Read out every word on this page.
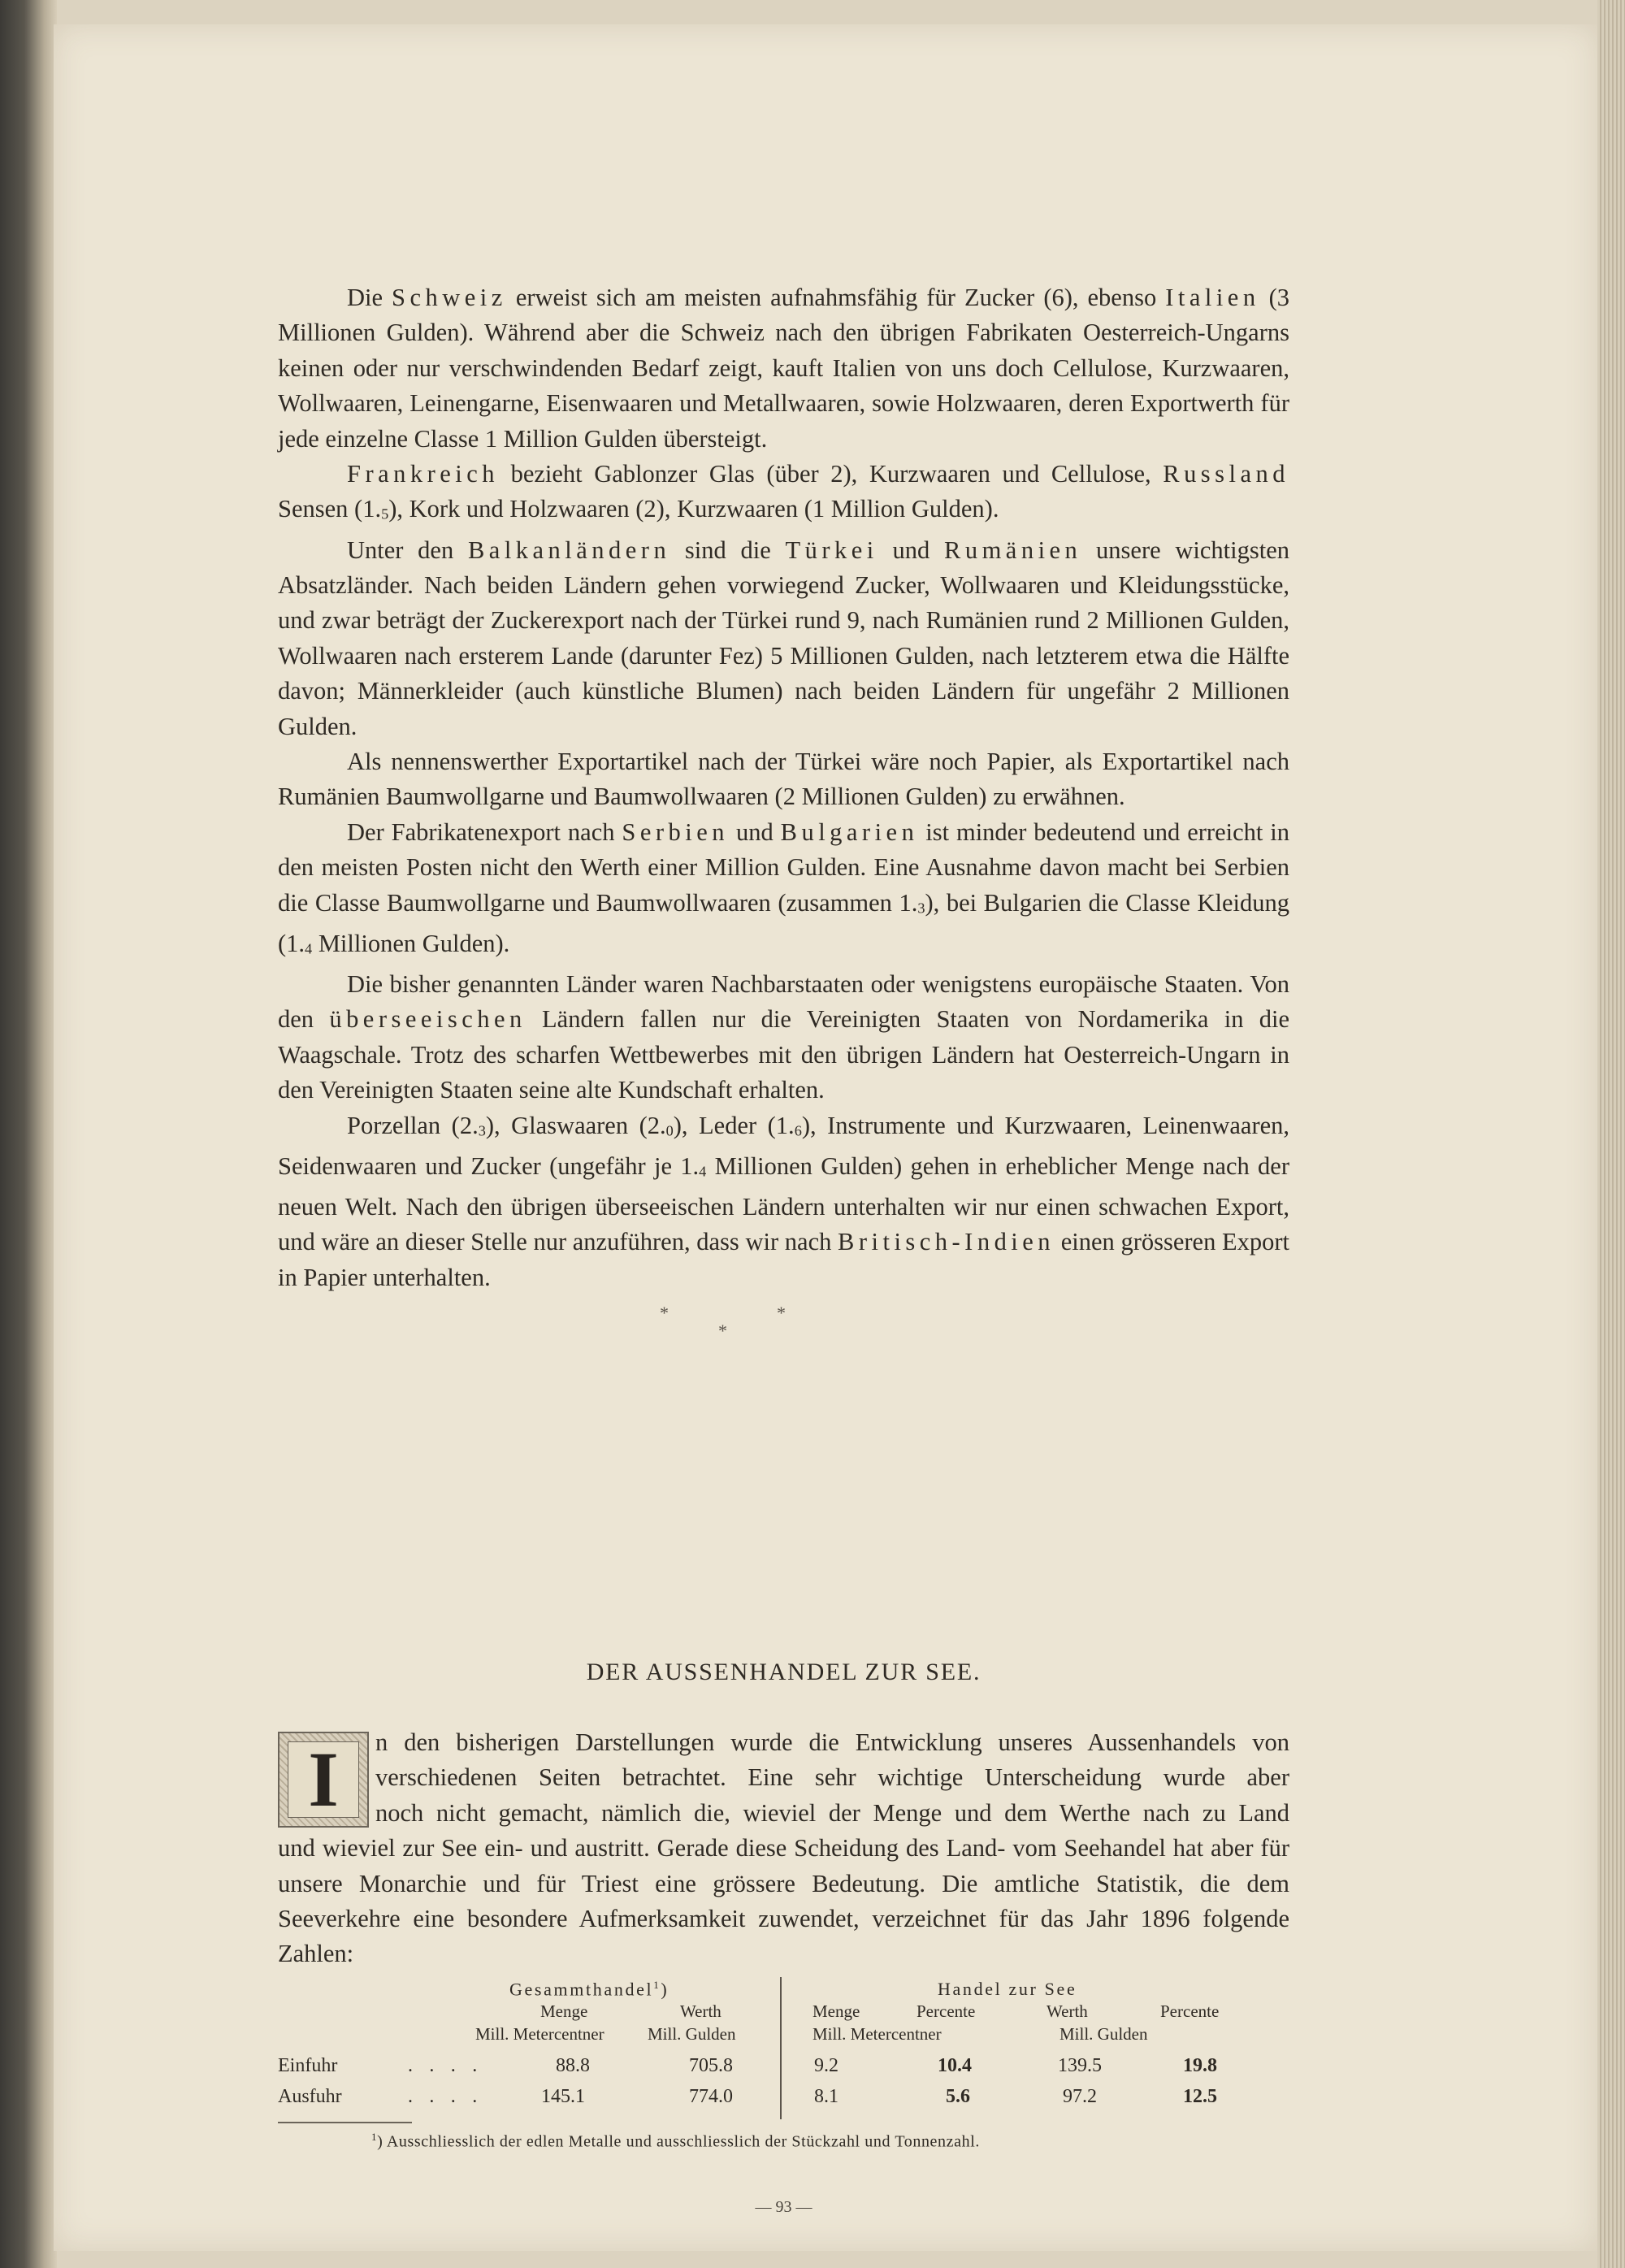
Die Schweiz erweist sich am meisten aufnahmsfähig für Zucker (6), ebenso Italien (3 Millionen Gulden). Während aber die Schweiz nach den übrigen Fabrikaten Oesterreich-Ungarns keinen oder nur verschwindenden Bedarf zeigt, kauft Italien von uns doch Cellulose, Kurzwaaren, Wollwaaren, Leinengarne, Eisenwaaren und Metallwaaren, sowie Holzwaaren, deren Exportwerth für jede einzelne Classe 1 Million Gulden übersteigt.

Frankreich bezieht Gablonzer Glas (über 2), Kurzwaaren und Cellulose, Russland Sensen $(1._5)$, Kork und Holzwaaren (2), Kurzwaaren (1 Million Gulden).

Unter den Balkanländern sind die Türkei und Rumänien unsere wichtigsten Absatzländer. Nach beiden Ländern gehen vorwiegend Zucker, Wollwaaren und Kleidungsstücke, und zwar beträgt der Zuckerexport nach der Türkei rund 9, nach Rumänien rund 2 Millionen Gulden, Wollwaaren nach ersterem Lande (darunter Fez) 5 Millionen Gulden, nach letzterem etwa die Hälfte davon; Männerkleider (auch künstliche Blumen) nach beiden Ländern für ungefähr 2 Millionen Gulden.

Als nennenswerther Exportartikel nach der Türkei wäre noch Papier, als Exportartikel nach Rumänien Baumwollgarne und Baumwollwaaren (2 Millionen Gulden) zu erwähnen.

Der Fabrikatenexport nach Serbien und Bulgarien ist minder bedeutend und erreicht in den meisten Posten nicht den Werth einer Million Gulden. Eine Ausnahme davon macht bei Serbien die Classe Baumwollgarne und Baumwollwaaren (zusammen $1._3$), bei Bulgarien die Classe Kleidung ($1._4$ Millionen Gulden).

Die bisher genannten Länder waren Nachbarstaaten oder wenigstens europäische Staaten. Von den überseeischen Ländern fallen nur die Vereinigten Staaten von Nordamerika in die Waagschale. Trotz des scharfen Wettbewerbes mit den übrigen Ländern hat Oesterreich-Ungarn in den Vereinigten Staaten seine alte Kundschaft erhalten.

Porzellan $(2._3)$, Glaswaaren $(2._0)$, Leder $(1._6)$, Instrumente und Kurzwaaren, Leinenwaaren, Seidenwaaren und Zucker (ungefähr je $1._4$ Millionen Gulden) gehen in erheblicher Menge nach der neuen Welt. Nach den übrigen überseeischen Ländern unterhalten wir nur einen schwachen Export, und wäre an dieser Stelle nur anzuführen, dass wir nach Britisch-Indien einen grösseren Export in Papier unterhalten.

*	*
*
DER AUSSENHANDEL ZUR SEE.
I	n den bisherigen Darstellungen wurde die Entwicklung unseres Aussenhandels von

verschiedenen Seiten betrachtet. Eine sehr wichtige Unterscheidung wurde aber

noch nicht gemacht, nämlich die, wieviel der Menge und dem Werthe nach zu Land

und wieviel zur See ein- und austritt. Gerade diese Scheidung des Land- vom Seehandel hat aber für unsere Monarchie und für Triest eine grössere Bedeutung. Die amtliche Statistik, die dem Seeverkehre eine besondere Aufmerksamkeit zuwendet, verzeichnet für das Jahr 1896 folgende Zahlen:

Gesammthandel$^1$)	Handel zur See
Menge	Werth	Menge	Percente	Werth	Percente
Mill. Metercentner	Mill. Gulden	Mill. Metercentner	Mill. Gulden
Einfuhr	. . . .	88.8	705.8	9.2	10.4	139.5	19.8
Ausfuhr	. . . .	145.1	774.0	8.1	5.6	97.2	12.5
$^1$) Ausschliesslich der edlen Metalle und ausschliesslich der Stückzahl und Tonnenzahl.
— 93 —
